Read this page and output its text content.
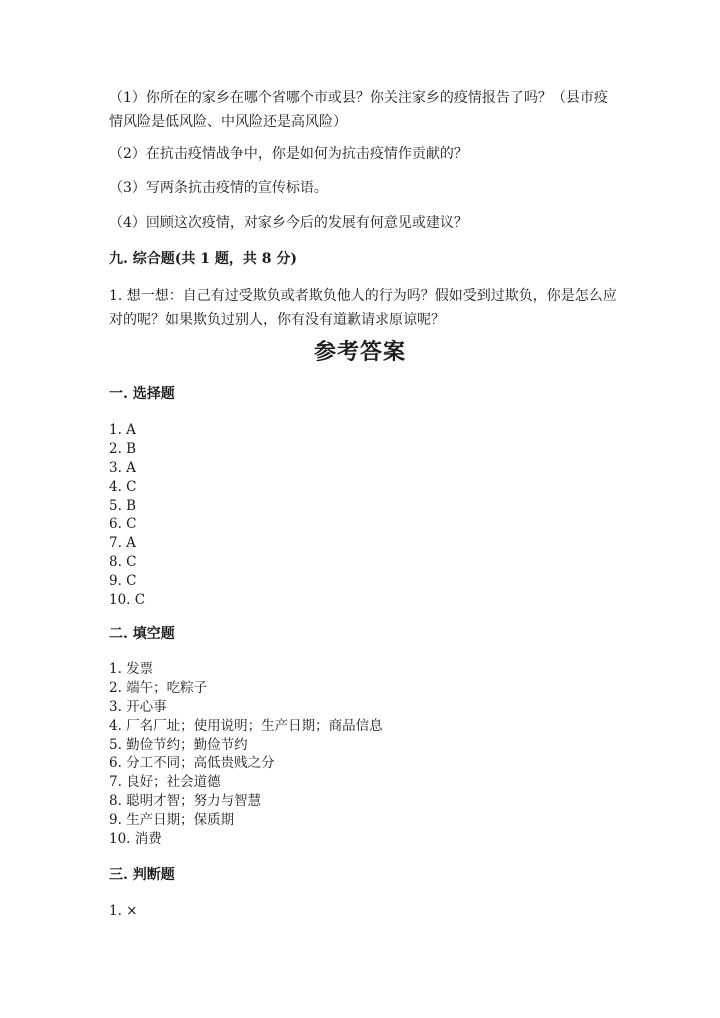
（1）你所在的家乡在哪个省哪个市或县？你关注家乡的疫情报告了吗？（县市疫情风险是低风险、中风险还是高风险）

（2）在抗击疫情战争中，你是如何为抗击疫情作贡献的？

（3）写两条抗击疫情的宣传标语。

（4）回顾这次疫情，对家乡今后的发展有何意见或建议？

九. 综合题(共 1 题，共 8 分)

1. 想一想：自己有过受欺负或者欺负他人的行为吗？假如受到过欺负，你是怎么应对的呢？如果欺负过别人，你有没有道歉请求原谅呢？

参考答案

一. 选择题

1. A
2. B
3. A
4. C
5. B
6. C
7. A
8. C
9. C
10. C

二. 填空题

1. 发票
2. 端午；吃粽子
3. 开心事
4. 厂名厂址；使用说明；生产日期；商品信息
5. 勤俭节约；勤俭节约
6. 分工不同；高低贵贱之分
7. 良好；社会道德
8. 聪明才智；努力与智慧
9. 生产日期；保质期
10. 消费

三. 判断题

1. ×
